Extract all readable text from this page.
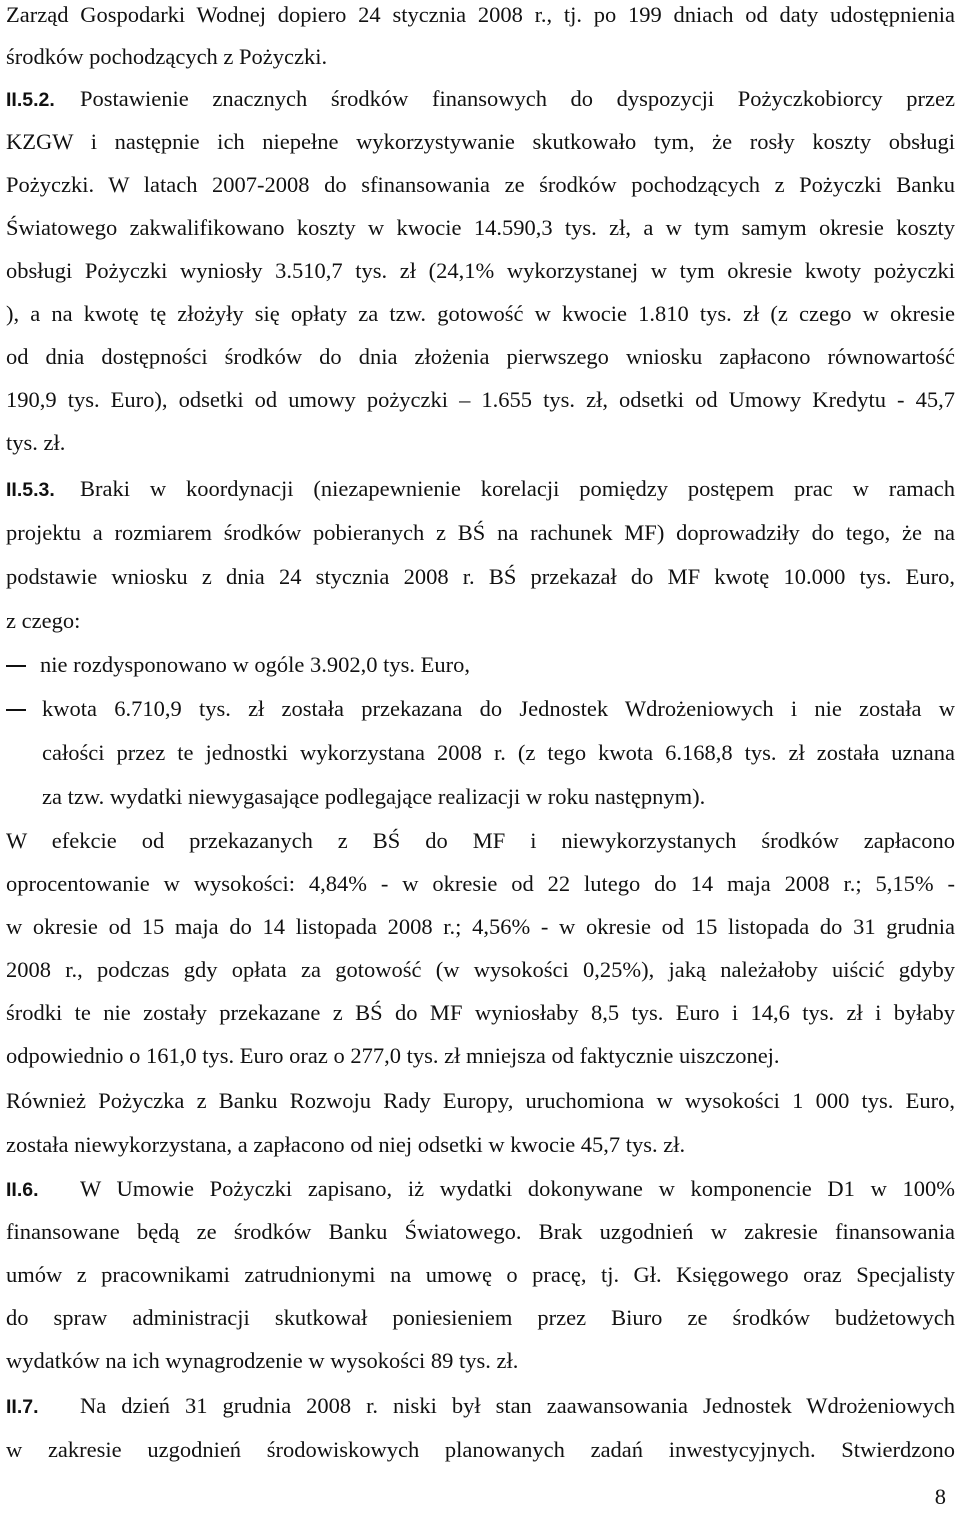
Zarząd Gospodarki Wodnej dopiero 24 stycznia 2008 r., tj. po 199 dniach od daty udostępnienia
środków pochodzących z Pożyczki.
II.5.2. Postawienie znacznych środków finansowych do dyspozycji Pożyczkobiorcy przez
KZGW i następnie ich niepełne wykorzystywanie skutkowało tym, że rosły koszty obsługi
Pożyczki. W latach 2007-2008 do sfinansowania ze środków pochodzących z Pożyczki Banku
Światowego zakwalifikowano koszty w kwocie 14.590,3 tys. zł, a w tym samym okresie koszty
obsługi Pożyczki wyniosły 3.510,7 tys. zł (24,1% wykorzystanej w tym okresie kwoty pożyczki
), a na kwotę tę złożyły się opłaty za tzw. gotowość w kwocie 1.810 tys. zł (z czego w okresie
od dnia dostępności środków do dnia złożenia pierwszego wniosku zapłacono równowartość
190,9 tys. Euro), odsetki od umowy pożyczki – 1.655 tys. zł, odsetki od Umowy Kredytu - 45,7
tys. zł.
II.5.3. Braki w koordynacji (niezapewnienie korelacji pomiędzy postępem prac w ramach
projektu a rozmiarem środków pobieranych z BŚ na rachunek MF) doprowadziły do tego, że na
podstawie wniosku z dnia 24 stycznia 2008 r. BŚ przekazał do MF kwotę 10.000 tys. Euro,
z czego:
nie rozdysponowano w ogóle 3.902,0 tys. Euro,
kwota 6.710,9 tys. zł została przekazana do Jednostek Wdrożeniowych i nie została w
całości przez te jednostki wykorzystana 2008 r. (z tego kwota 6.168,8 tys. zł została uznana
za tzw. wydatki niewygasające podlegające realizacji w roku następnym).
W efekcie od przekazanych z BŚ do MF i niewykorzystanych środków zapłacono
oprocentowanie w wysokości: 4,84% - w okresie od 22 lutego do 14 maja 2008 r.; 5,15% -
w okresie od 15 maja do 14 listopada 2008 r.; 4,56% - w okresie od 15 listopada do 31 grudnia
2008 r., podczas gdy opłata za gotowość (w wysokości 0,25%), jaką należałoby uiścić gdyby
środki te nie zostały przekazane z BŚ do MF wyniosłaby 8,5 tys. Euro i 14,6 tys. zł i byłaby
odpowiednio o 161,0 tys. Euro oraz o 277,0 tys. zł mniejsza od faktycznie uiszczonej.
Również Pożyczka z Banku Rozwoju Rady Europy, uruchomiona w wysokości 1 000 tys. Euro,
została niewykorzystana, a zapłacono od niej odsetki w kwocie 45,7 tys. zł.
II.6. W Umowie Pożyczki zapisano, iż wydatki dokonywane w komponencie D1 w 100%
finansowane będą ze środków Banku Światowego. Brak uzgodnień w zakresie finansowania
umów z pracownikami zatrudnionymi na umowę o pracę, tj. Gł. Księgowego oraz Specjalisty
do spraw administracji skutkował poniesieniem przez Biuro ze środków budżetowych
wydatków na ich wynagrodzenie w wysokości 89 tys. zł.
II.7. Na dzień 31 grudnia 2008 r. niski był stan zaawansowania Jednostek Wdrożeniowych
w zakresie uzgodnień środowiskowych planowanych zadań inwestycyjnych. Stwierdzono
8
